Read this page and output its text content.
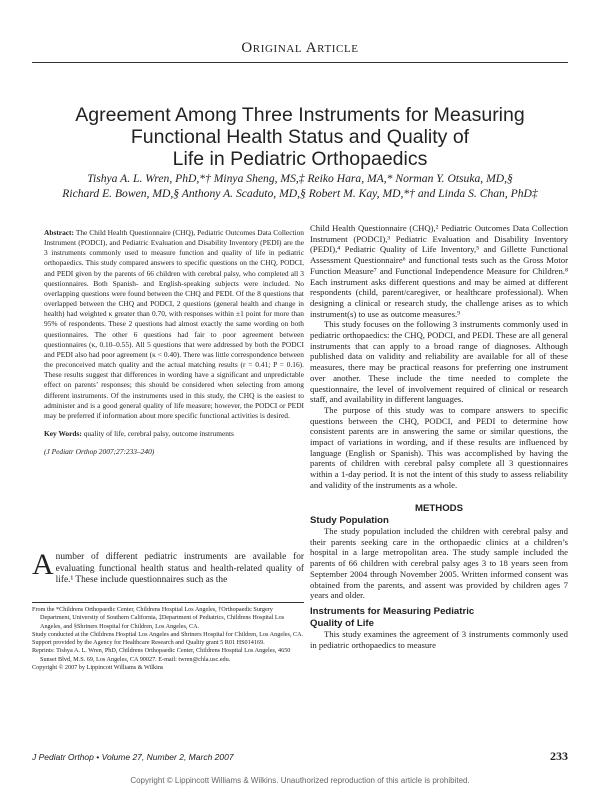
Original Article
Agreement Among Three Instruments for Measuring
Functional Health Status and Quality of
Life in Pediatric Orthopaedics
Tishya A. L. Wren, PhD,*† Minya Sheng, MS,‡ Reiko Hara, MA,* Norman Y. Otsuka, MD,§
Richard E. Bowen, MD,§ Anthony A. Scaduto, MD,§ Robert M. Kay, MD,*† and Linda S. Chan, PhD‡

Abstract: The Child Health Questionnaire (CHQ), Pediatric Outcomes Data Collection Instrument (PODCI), and Pediatric Evaluation and Disability Inventory (PEDI) are the 3 instruments commonly used to measure function and quality of life in pediatric orthopaedics. This study compared answers to specific questions on the CHQ, PODCI, and PEDI given by the parents of 66 children with cerebral palsy, who completed all 3 questionnaires. Both Spanish- and English-speaking subjects were included. No overlapping questions were found between the CHQ and PEDI. Of the 8 questions that overlapped between the CHQ and PODCI, 2 questions (general health and change in health) had weighted κ greater than 0.70, with responses within ±1 point for more than 95% of respondents. These 2 questions had almost exactly the same wording on both questionnaires. The other 6 questions had fair to poor agreement between questionnaires (κ, 0.10–0.55). All 5 questions that were addressed by both the PODCI and PEDI also had poor agreement (κ < 0.40). There was little correspondence between the preconceived match quality and the actual matching results (r = 0.41; P = 0.16). These results suggest that differences in wording have a significant and unpredictable effect on parents’ responses; this should be considered when selecting from among different instruments. Of the instruments used in this study, the CHQ is the easiest to administer and is a good general quality of life measure; however, the PODCI or PEDI may be preferred if information about more specific functional activities is desired.

Key Words: quality of life, cerebral palsy, outcome instruments

(J Pediatr Orthop 2007;27:233–240)

Anumber of different pediatric instruments are available for evaluating functional health status and health-related quality of life.¹ These include questionnaires such as the

From the *Childrens Orthopaedic Center, Childrens Hospital Los Angeles, †Orthopaedic Surgery Department, University of Southern California, ‡Department of Pediatrics, Childrens Hospital Los Angeles, and §Shriners Hospital for Children, Los Angeles, CA.

Study conducted at the Childrens Hospital Los Angeles and Shriners Hospital for Children, Los Angeles, CA.

Support provided by the Agency for Healthcare Research and Quality grant 5 R01 HS014169.

Reprints: Tishya A. L. Wren, PhD, Childrens Orthopaedic Center, Childrens Hospital Los Angeles, 4650 Sunset Blvd, M.S. 69, Los Angeles, CA 90027. E-mail: twren@chla.usc.edu.

Copyright © 2007 by Lippincott Williams & Wilkins

Child Health Questionnaire (CHQ),² Pediatric Outcomes Data Collection Instrument (PODCI),³ Pediatric Evaluation and Disability Inventory (PEDI),⁴ Pediatric Quality of Life Inventory,⁵ and Gillette Functional Assessment Questionnaire⁶ and functional tests such as the Gross Motor Function Measure⁷ and Functional Independence Measure for Children.⁸ Each instrument asks different questions and may be aimed at different respondents (child, parent/caregiver, or healthcare professional). When designing a clinical or research study, the challenge arises as to which instrument(s) to use as outcome measures.⁹

This study focuses on the following 3 instruments commonly used in pediatric orthopaedics: the CHQ, PODCI, and PEDI. These are all general instruments that can apply to a broad range of diagnoses. Although published data on validity and reliability are available for all of these measures, there may be practical reasons for preferring one instrument over another. These include the time needed to complete the questionnaire, the level of involvement required of clinical or research staff, and availability in different languages.

The purpose of this study was to compare answers to specific questions between the CHQ, PODCI, and PEDI to determine how consistent parents are in answering the same or similar questions, the impact of variations in wording, and if these results are influenced by language (English or Spanish). This was accomplished by having the parents of children with cerebral palsy complete all 3 questionnaires within a 1-day period. It is not the intent of this study to assess reliability and validity of the instruments as a whole.

METHODS
Study Population

The study population included the children with cerebral palsy and their parents seeking care in the orthopaedic clinics at a children’s hospital in a large metropolitan area. The study sample included the parents of 66 children with cerebral palsy ages 3 to 18 years seen from September 2004 through November 2005. Written informed consent was obtained from the parents, and assent was provided by children ages 7 years and older.

Instruments for Measuring Pediatric
Quality of Life

This study examines the agreement of 3 instruments commonly used in pediatric orthopaedics to measure

J Pediatr Orthop • Volume 27, Number 2, March 2007	233
Copyright © Lippincott Williams & Wilkins. Unauthorized reproduction of this article is prohibited.
